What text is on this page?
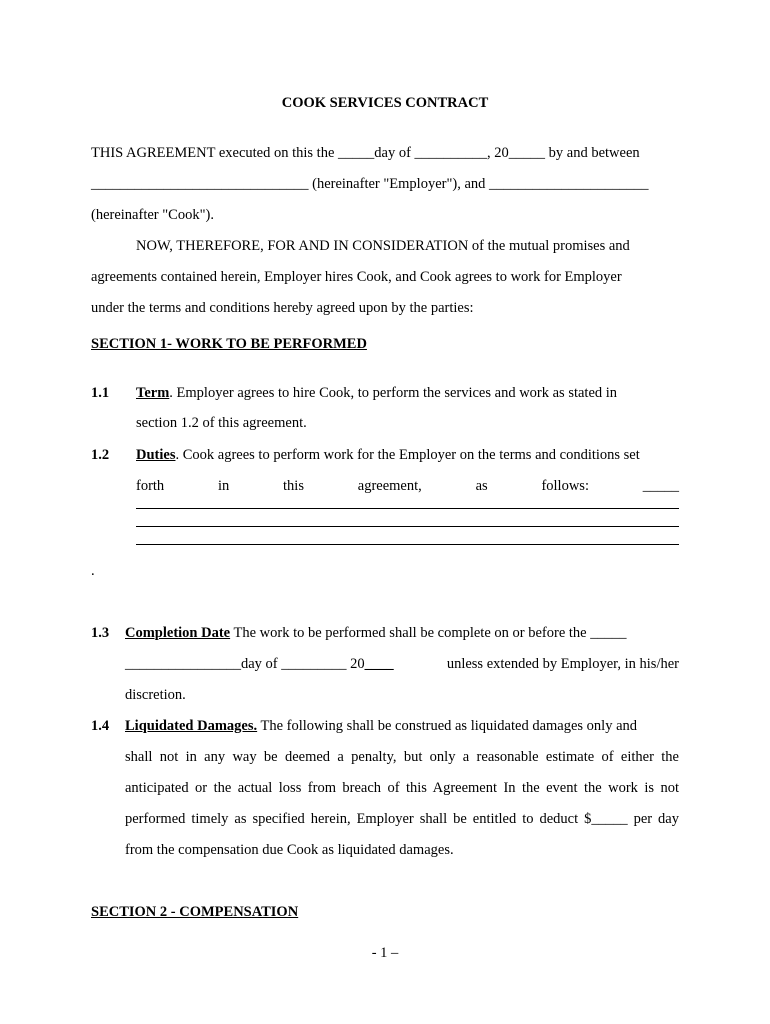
COOK SERVICES CONTRACT
THIS AGREEMENT executed on this the _____day of __________, 20_____ by and between
______________________________ (hereinafter "Employer"), and ______________________
(hereinafter "Cook").
NOW, THEREFORE, FOR AND IN CONSIDERATION of the mutual promises and
agreements contained herein, Employer hires Cook, and Cook agrees to work for Employer
under the terms and conditions hereby agreed upon by the parties:
SECTION 1- WORK TO BE PERFORMED
1.1 Term. Employer agrees to hire Cook, to perform the services and work as stated in
section 1.2 of this agreement.
1.2 Duties. Cook agrees to perform work for the Employer on the terms and conditions set
forth	in	this	agreement,	as	follows:	_____
.
1.3 Completion Date The work to be performed shall be complete on or before the _____
________________day of _________ 20____	unless extended by Employer, in his/her
discretion.
1.4 Liquidated Damages. The following shall be construed as liquidated damages only and
shall not in any way be deemed a penalty, but only a reasonable estimate of either the
anticipated or the actual loss from breach of this Agreement In the event the work is not
performed timely as specified herein, Employer shall be entitled to deduct $_____ per day
from the compensation due Cook as liquidated damages.
SECTION 2 - COMPENSATION
- 1 –
